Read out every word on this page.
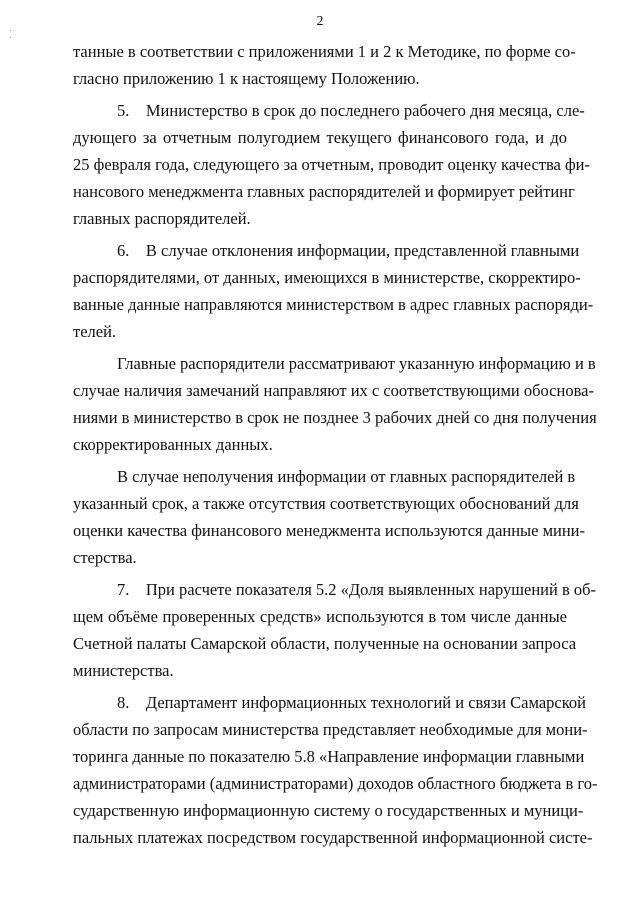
2
танные в соответствии с приложениями 1 и 2 к Методике, по форме со-
гласно приложению 1 к настоящему Положению.
5.    Министерство в срок до последнего рабочего дня месяца, сле-
дующего за отчетным полугодием текущего финансового года, и до
25 февраля года, следующего за отчетным, проводит оценку качества фи-
нансового менеджмента главных распорядителей и формирует рейтинг
главных распорядителей.
6.    В случае отклонения информации, представленной главными
распорядителями, от данных, имеющихся в министерстве, скорректиро-
ванные данные направляются министерством в адрес главных распоряди-
телей.
Главные распорядители рассматривают указанную информацию и в
случае наличия замечаний направляют их с соответствующими обоснова-
ниями в министерство в срок не позднее 3 рабочих дней со дня получения
скорректированных данных.
В случае неполучения информации от главных распорядителей в
указанный срок, а также отсутствия соответствующих обоснований для
оценки качества финансового менеджмента используются данные мини-
стерства.
7.    При расчете показателя 5.2 «Доля выявленных нарушений в об-
щем объёме проверенных средств» используются в том числе данные
Счетной палаты Самарской области, полученные на основании запроса
министерства.
8.    Департамент информационных технологий и связи Самарской
области по запросам министерства представляет необходимые для мони-
торинга данные по показателю 5.8 «Направление информации главными
администраторами (администраторами) доходов областного бюджета в го-
сударственную информационную систему о государственных и муници-
пальных платежах посредством государственной информационной систе-
